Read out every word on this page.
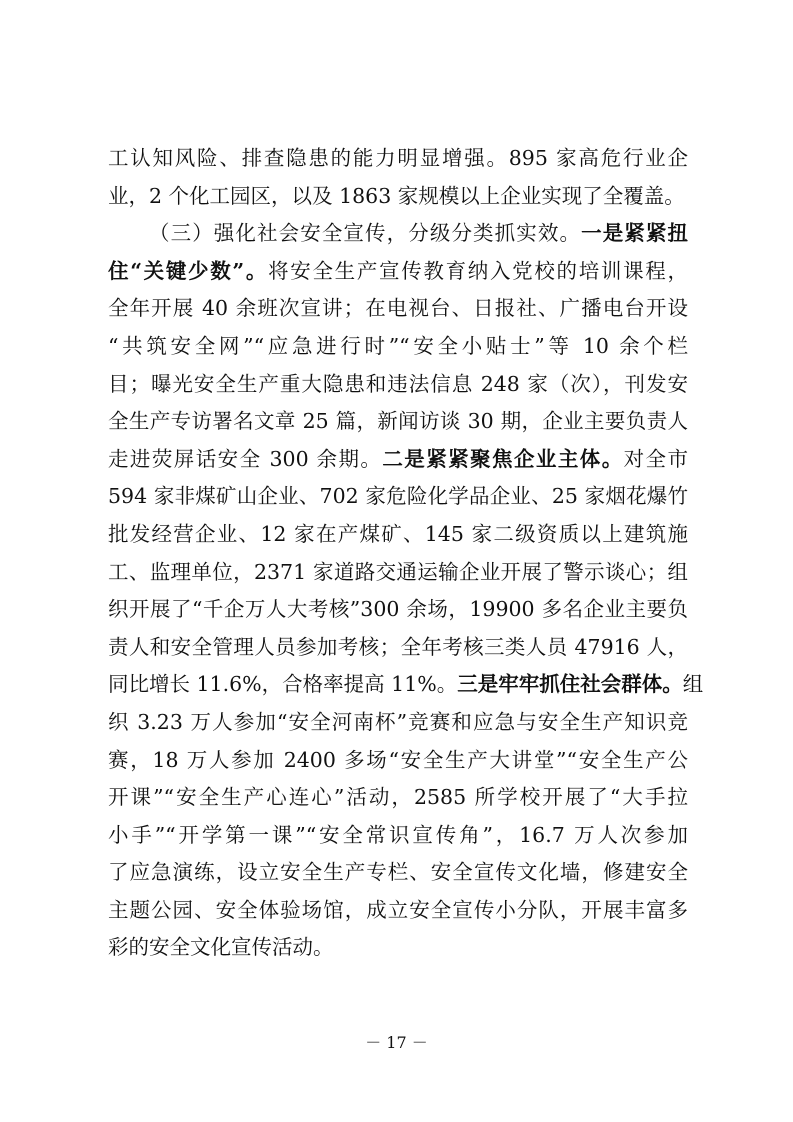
工认知风险、排查隐患的能力明显增强。895 家高危行业企
业，2 个化工园区，以及 1863 家规模以上企业实现了全覆盖。
（三）强化社会安全宣传，分级分类抓实效。一是紧紧扭
住“关键少数”。将安全生产宣传教育纳入党校的培训课程，
全年开展 40 余班次宣讲；在电视台、日报社、广播电台开设
“共筑安全网”“应急进行时”“安全小贴士”等 10 余个栏
目；曝光安全生产重大隐患和违法信息 248 家（次），刊发安
全生产专访署名文章 25 篇，新闻访谈 30 期，企业主要负责人
走进荧屏话安全 300 余期。二是紧紧聚焦企业主体。对全市
594 家非煤矿山企业、702 家危险化学品企业、25 家烟花爆竹
批发经营企业、12 家在产煤矿、145 家二级资质以上建筑施
工、监理单位，2371 家道路交通运输企业开展了警示谈心；组
织开展了“千企万人大考核”300 余场，19900 多名企业主要负
责人和安全管理人员参加考核；全年考核三类人员 47916 人，
同比增长 11.6%，合格率提高 11%。三是牢牢抓住社会群体。组
织 3.23 万人参加“安全河南杯”竞赛和应急与安全生产知识竞
赛，18 万人参加 2400 多场“安全生产大讲堂”“安全生产公
开课”“安全生产心连心”活动，2585 所学校开展了“大手拉
小手”“开学第一课”“安全常识宣传角”，16.7 万人次参加
了应急演练，设立安全生产专栏、安全宣传文化墙，修建安全
主题公园、安全体验场馆，成立安全宣传小分队，开展丰富多
彩的安全文化宣传活动。
－ 17 －
